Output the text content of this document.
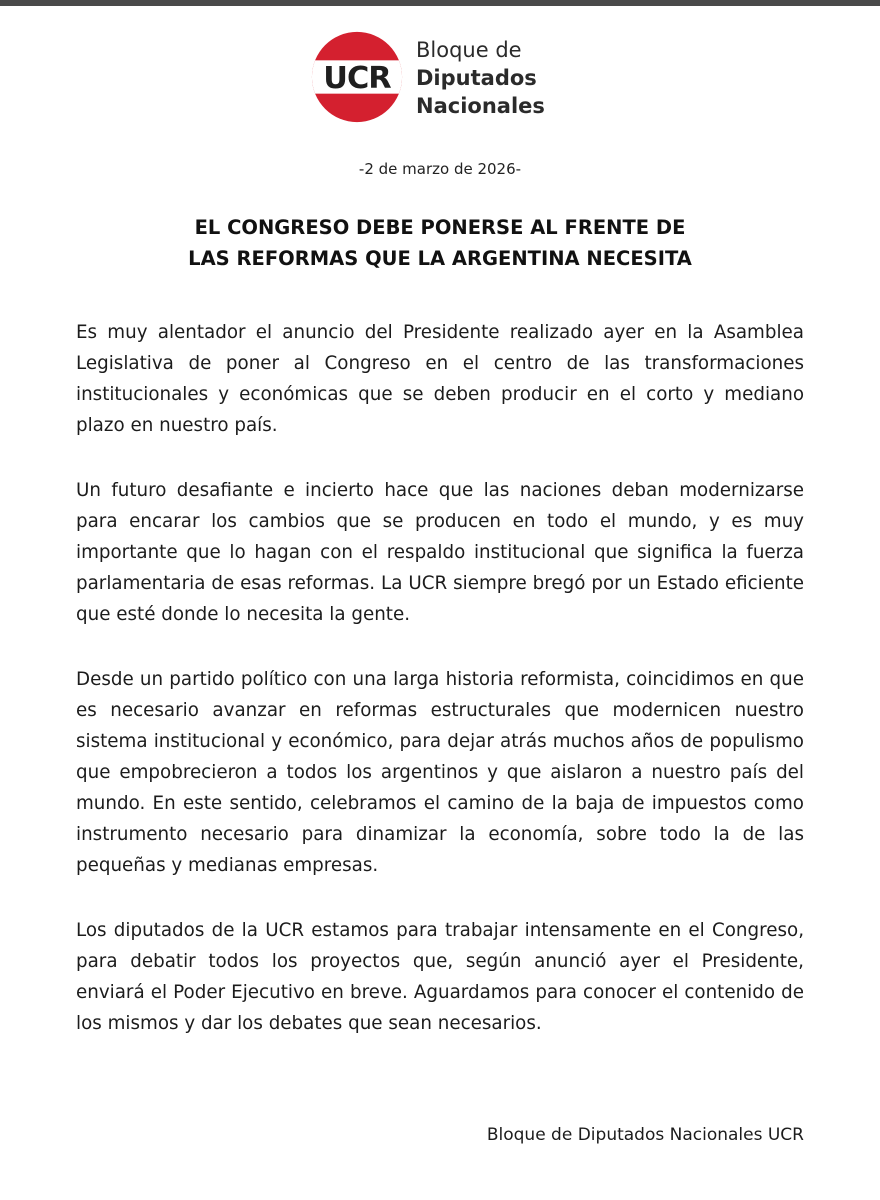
UCR
Bloque de
Diputados
Nacionales
-2 de marzo de 2026-
EL CONGRESO DEBE PONERSE AL FRENTE DE
LAS REFORMAS QUE LA ARGENTINA NECESITA

Es muy alentador el anuncio del Presidente realizado ayer en la Asamblea Legislativa de poner al Congreso en el centro de las transformaciones institucionales y económicas que se deben producir en el corto y mediano plazo en nuestro país.

Un futuro desafiante e incierto hace que las naciones deban modernizarse para encarar los cambios que se producen en todo el mundo, y es muy importante que lo hagan con el respaldo institucional que significa la fuerza parlamentaria de esas reformas. La UCR siempre bregó por un Estado eficiente que esté donde lo necesita la gente.

Desde un partido político con una larga historia reformista, coincidimos en que es necesario avanzar en reformas estructurales que modernicen nuestro sistema institucional y económico, para dejar atrás muchos años de populismo que empobrecieron a todos los argentinos y que aislaron a nuestro país del mundo. En este sentido, celebramos el camino de la baja de impuestos como instrumento necesario para dinamizar la economía, sobre todo la de las pequeñas y medianas empresas.

Los diputados de la UCR estamos para trabajar intensamente en el Congreso, para debatir todos los proyectos que, según anunció ayer el Presidente, enviará el Poder Ejecutivo en breve. Aguardamos para conocer el contenido de los mismos y dar los debates que sean necesarios.

Bloque de Diputados Nacionales UCR
